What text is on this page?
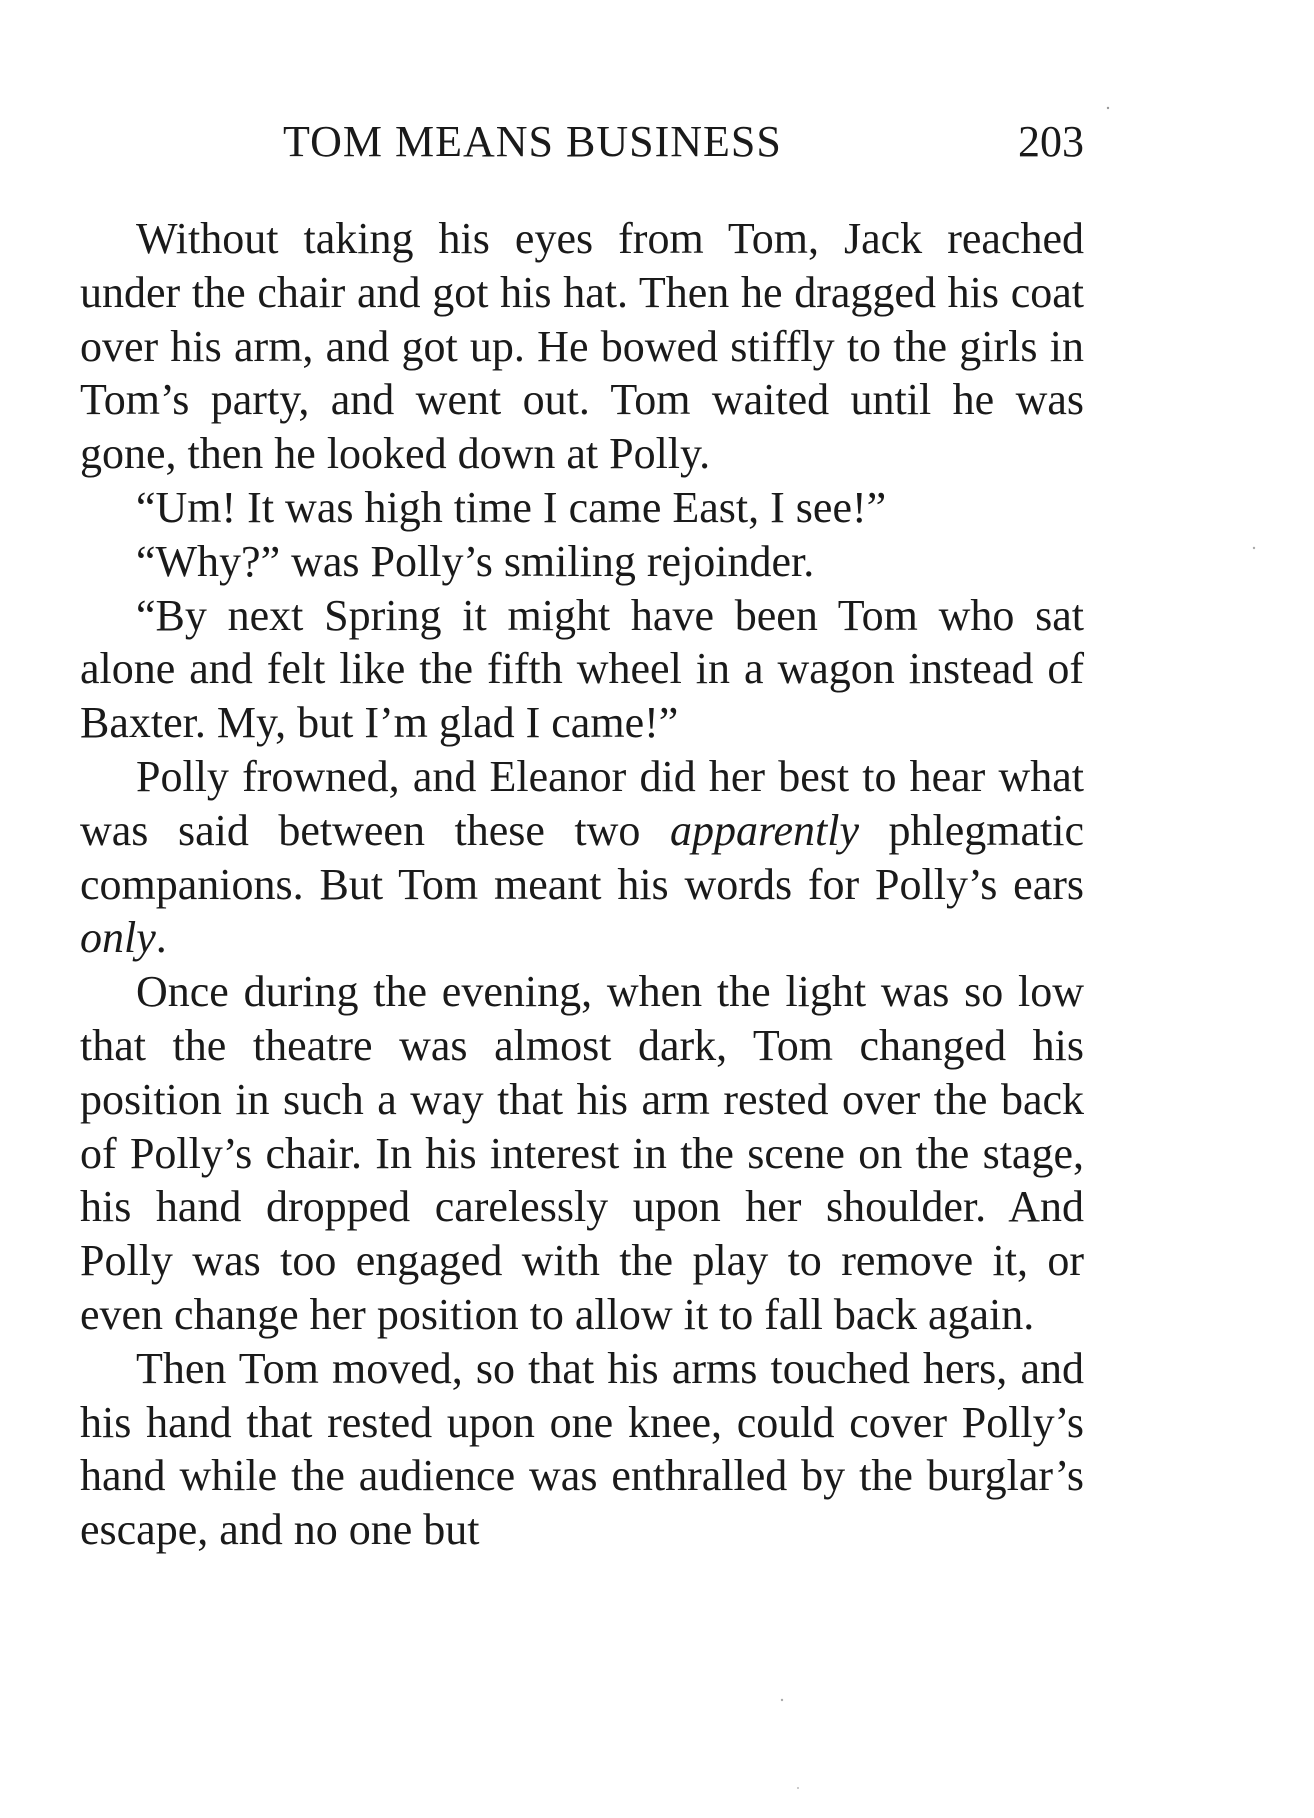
TOM MEANS BUSINESS	203

Without taking his eyes from Tom, Jack reached under the chair and got his hat. Then he dragged his coat over his arm, and got up. He bowed stiffly to the girls in Tom’s party, and went out. Tom waited until he was gone, then he looked down at Polly.

“Um! It was high time I came East, I see!”

“Why?” was Polly’s smiling rejoinder.

“By next Spring it might have been Tom who sat alone and felt like the fifth wheel in a wagon instead of Baxter. My, but I’m glad I came!”

Polly frowned, and Eleanor did her best to hear what was said between these two apparently phlegmatic companions. But Tom meant his words for Polly’s ears only.

Once during the evening, when the light was so low that the theatre was almost dark, Tom changed his position in such a way that his arm rested over the back of Polly’s chair. In his interest in the scene on the stage, his hand dropped carelessly upon her shoulder. And Polly was too engaged with the play to remove it, or even change her position to allow it to fall back again.

Then Tom moved, so that his arms touched hers, and his hand that rested upon one knee, could cover Polly’s hand while the audience was enthralled by the burglar’s escape, and no one but
